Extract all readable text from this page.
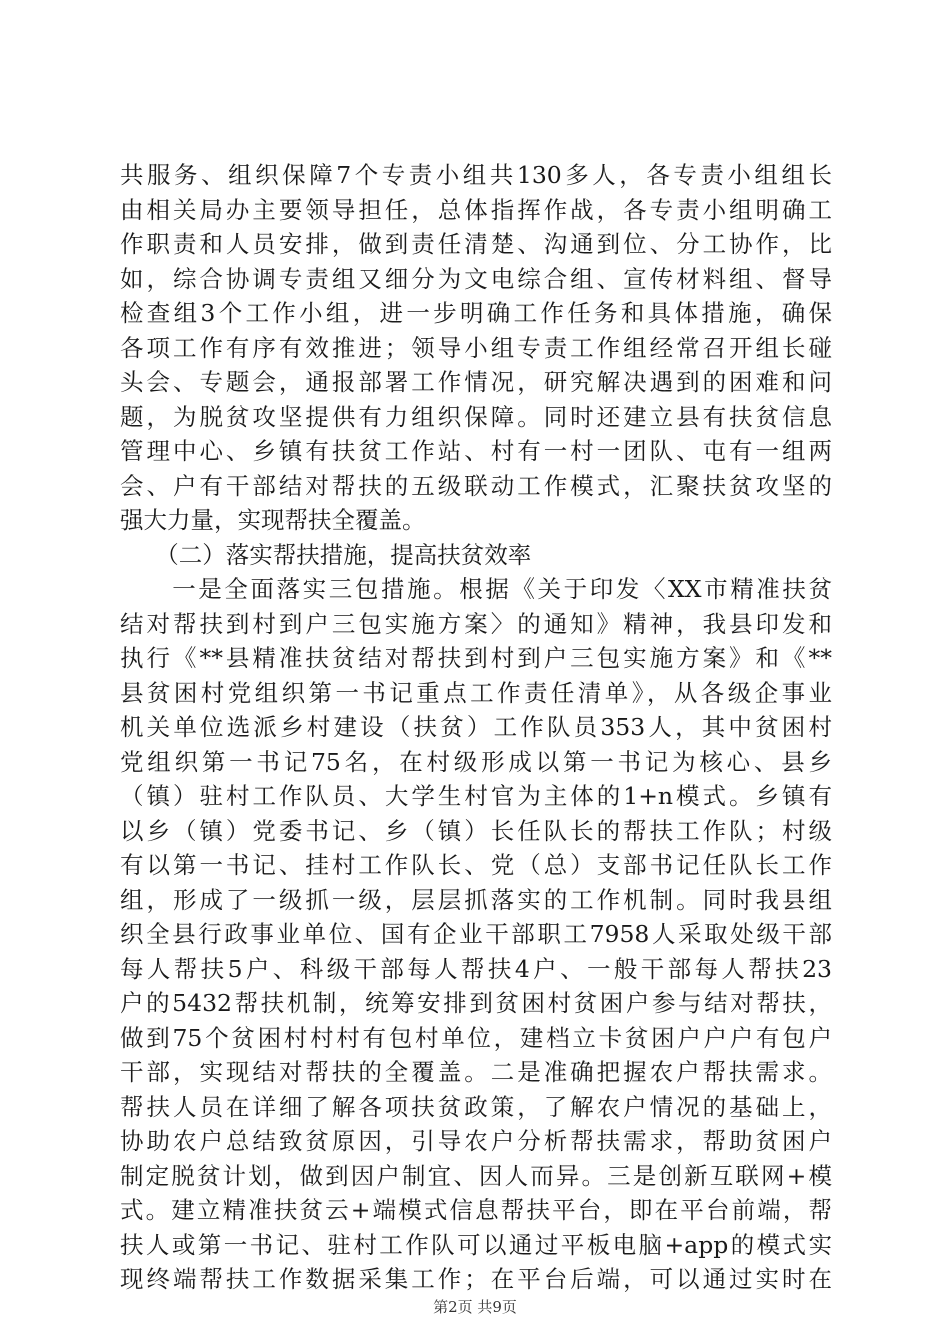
共服务、组织保障7个专责小组共130多人，各专责小组组长
由相关局办主要领导担任，总体指挥作战，各专责小组明确工
作职责和人员安排，做到责任清楚、沟通到位、分工协作，比
如，综合协调专责组又细分为文电综合组、宣传材料组、督导
检查组3个工作小组，进一步明确工作任务和具体措施，确保
各项工作有序有效推进；领导小组专责工作组经常召开组长碰
头会、专题会，通报部署工作情况，研究解决遇到的困难和问
题，为脱贫攻坚提供有力组织保障。同时还建立县有扶贫信息
管理中心、乡镇有扶贫工作站、村有一村一团队、屯有一组两
会、户有干部结对帮扶的五级联动工作模式，汇聚扶贫攻坚的
强大力量，实现帮扶全覆盖。
　　（二）落实帮扶措施，提高扶贫效率
　　一是全面落实三包措施。根据《关于印发〈XX市精准扶贫
结对帮扶到村到户三包实施方案〉的通知》精神，我县印发和
执行《**县精准扶贫结对帮扶到村到户三包实施方案》和《**
县贫困村党组织第一书记重点工作责任清单》，从各级企事业
机关单位选派乡村建设（扶贫）工作队员353人，其中贫困村
党组织第一书记75名，在村级形成以第一书记为核心、县乡
（镇）驻村工作队员、大学生村官为主体的1+n模式。乡镇有
以乡（镇）党委书记、乡（镇）长任队长的帮扶工作队；村级
有以第一书记、挂村工作队长、党（总）支部书记任队长工作
组，形成了一级抓一级，层层抓落实的工作机制。同时我县组
织全县行政事业单位、国有企业干部职工7958人采取处级干部
每人帮扶5户、科级干部每人帮扶4户、一般干部每人帮扶23
户的5432帮扶机制，统筹安排到贫困村贫困户参与结对帮扶，
做到75个贫困村村村有包村单位，建档立卡贫困户户户有包户
干部，实现结对帮扶的全覆盖。二是准确把握农户帮扶需求。
帮扶人员在详细了解各项扶贫政策，了解农户情况的基础上，
协助农户总结致贫原因，引导农户分析帮扶需求，帮助贫困户
制定脱贫计划，做到因户制宜、因人而异。三是创新互联网+模
式。建立精准扶贫云+端模式信息帮扶平台，即在平台前端，帮
扶人或第一书记、驻村工作队可以通过平板电脑+app的模式实
现终端帮扶工作数据采集工作；在平台后端，可以通过实时在
第2页 共9页
